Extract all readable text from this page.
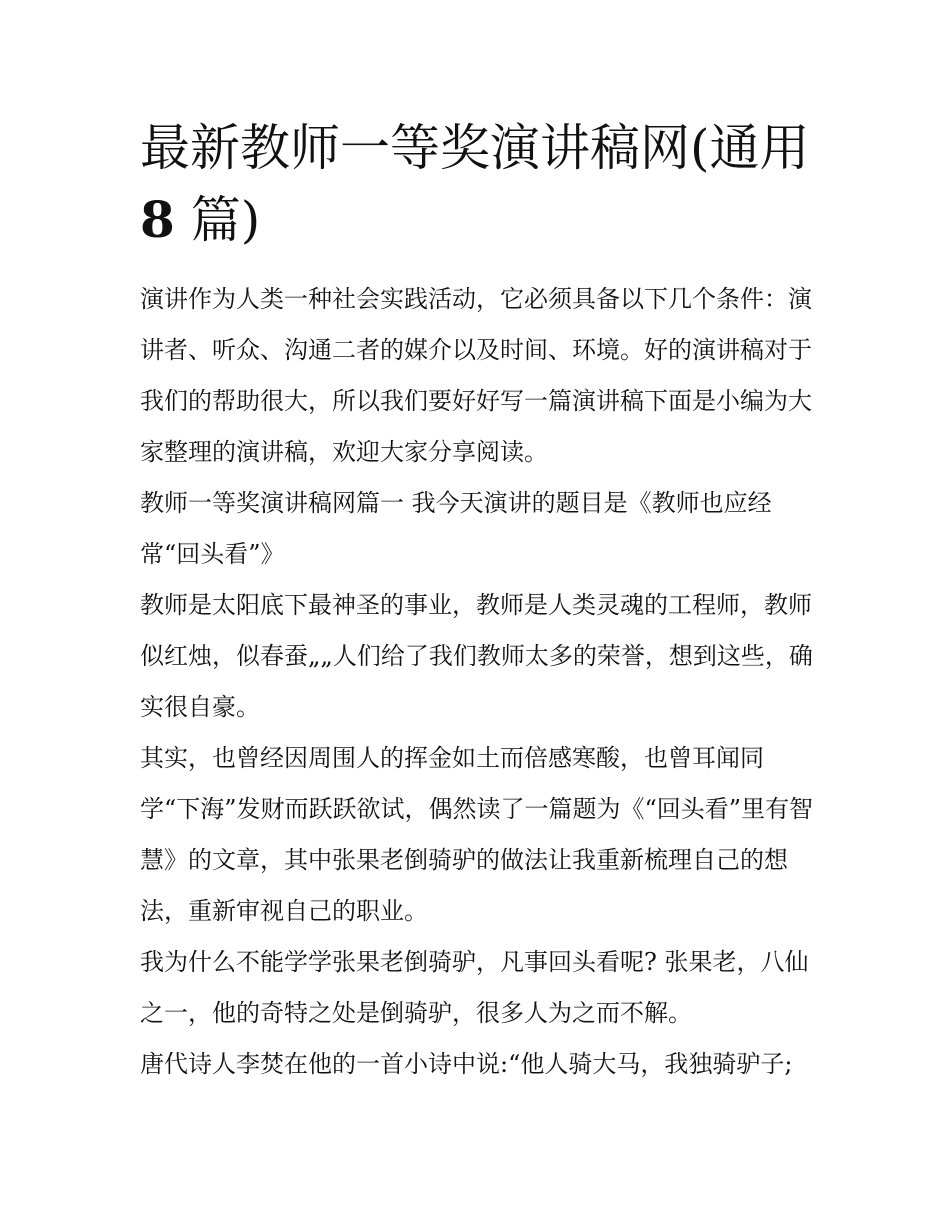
最新教师一等奖演讲稿网(通用8 篇)

演讲作为人类一种社会实践活动，它必须具备以下几个条件：演讲者、听众、沟通二者的媒介以及时间、环境。好的演讲稿对于我们的帮助很大，所以我们要好好写一篇演讲稿下面是小编为大家整理的演讲稿，欢迎大家分享阅读。

教师一等奖演讲稿网篇一 我今天演讲的题目是《教师也应经常“回头看”》

教师是太阳底下最神圣的事业，教师是人类灵魂的工程师，教师似红烛，似春蚕„„人们给了我们教师太多的荣誉，想到这些，确实很自豪。

其实，也曾经因周围人的挥金如土而倍感寒酸，也曾耳闻同学“下海”发财而跃跃欲试，偶然读了一篇题为《“回头看”里有智慧》的文章，其中张果老倒骑驴的做法让我重新梳理自己的想法，重新审视自己的职业。

我为什么不能学学张果老倒骑驴，凡事回头看呢? 张果老，八仙之一，他的奇特之处是倒骑驴，很多人为之而不解。

唐代诗人李焚在他的一首小诗中说:“他人骑大马，我独骑驴子;
